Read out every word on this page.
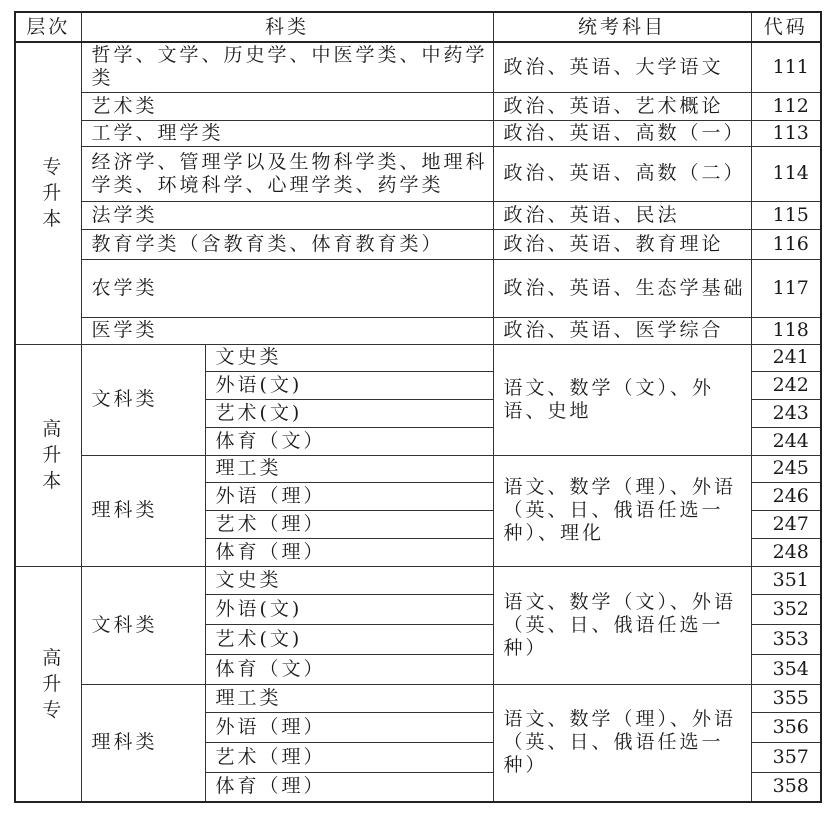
层次	科类		统考科目	代码

专
升
本	哲学、文学、历史学、中医学类、中药学类		政治、英语、大学语文	111
	艺术类		政治、英语、艺术概论	112
	工学、理学类		政治、英语、高数（一）	113
	经济学、管理学以及生物科学类、地理科学类、环境科学、心理学类、药学类		政治、英语、高数（二）	114
	法学类		政治、英语、民法	115
	教育学类（含教育类、体育教育类）		政治、英语、教育理论	116
	农学类		政治、英语、生态学基础	117
	医学类		政治、英语、医学综合	118

高
升
本	文科类	文史类	语文、数学（文）、外语、史地	241
		外语(文)		242
		艺术(文)		243
		体育（文）		244
	理科类	理工类	语文、数学（理）、外语（英、日、俄语任选一种）、理化	245
		外语（理）		246
		艺术（理）		247
		体育（理）		248

高
升
专	文科类	文史类	语文、数学（文）、外语（英、日、俄语任选一种）	351
		外语(文)		352
		艺术(文)		353
		体育（文）		354
	理科类	理工类	语文、数学（理）、外语（英、日、俄语任选一种）	355
		外语（理）		356
		艺术（理）		357
		体育（理）		358
